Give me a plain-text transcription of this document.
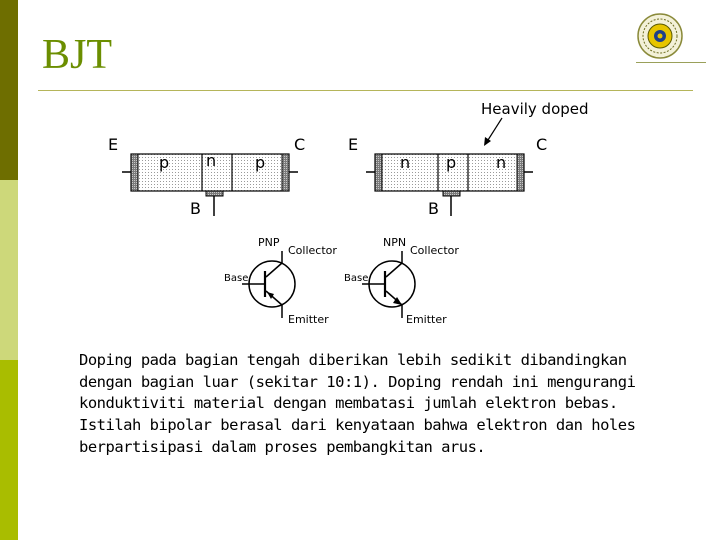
BJT
Heavily doped
E	C
p n p
B
E	C
n p n
B
PNP
Collector
Base
Emitter
NPN
Collector
Base
Emitter

Doping pada bagian tengah diberikan lebih sedikit dibandingkan dengan bagian luar (sekitar 10:1). Doping rendah ini mengurangi konduktiviti material dengan membatasi jumlah elektron bebas. Istilah bipolar berasal dari kenyataan bahwa elektron dan holes berpartisipasi dalam proses pembangkitan arus.
